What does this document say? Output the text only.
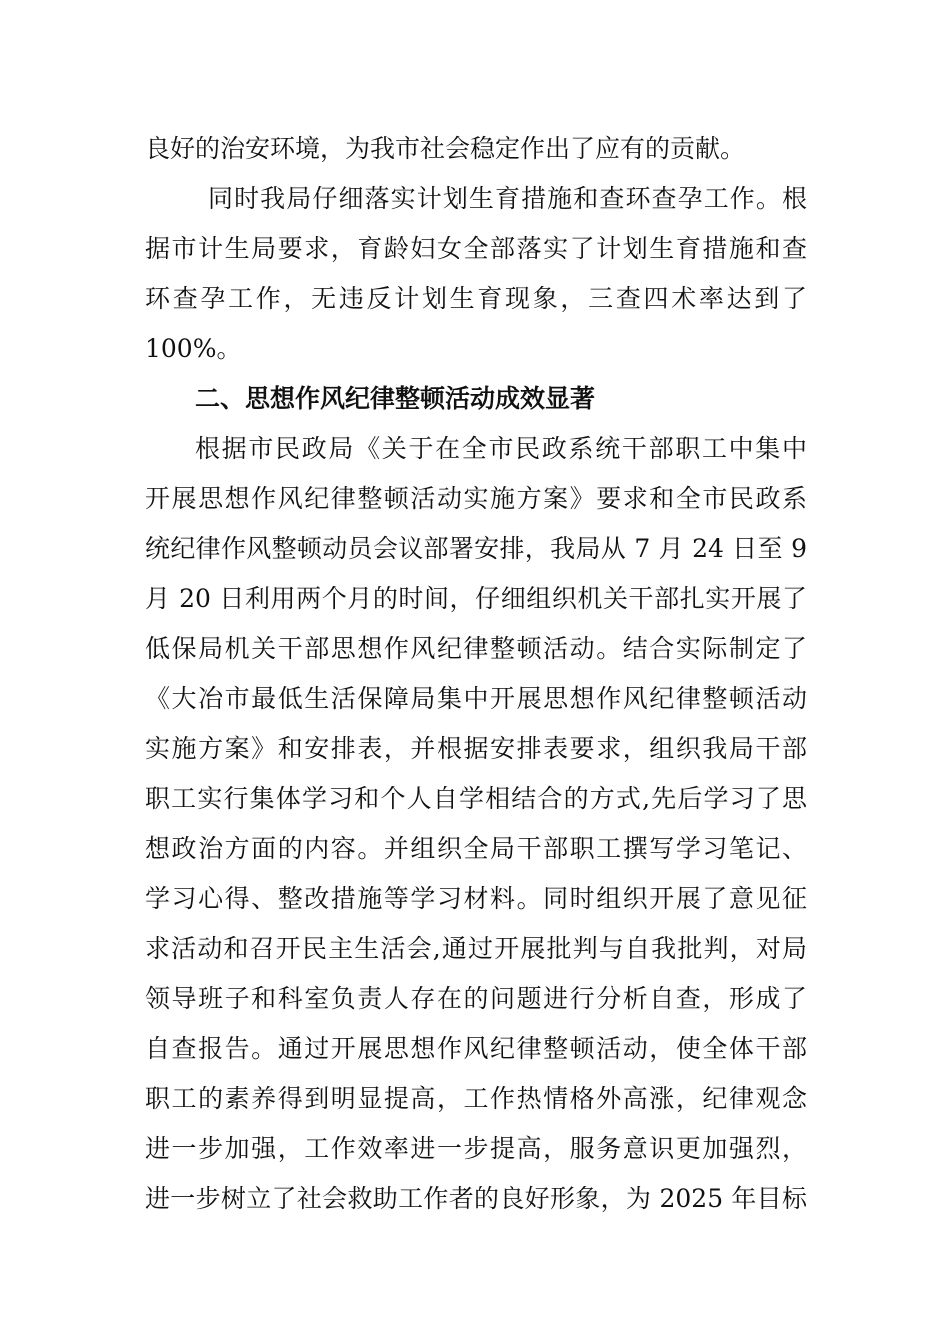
良好的治安环境，为我市社会稳定作出了应有的贡献。
同时我局仔细落实计划生育措施和查环查孕工作。根
据市计生局要求，育龄妇女全部落实了计划生育措施和查
环查孕工作，无违反计划生育现象，三查四术率达到了
100%。
二、思想作风纪律整顿活动成效显著
根据市民政局《关于在全市民政系统干部职工中集中
开展思想作风纪律整顿活动实施方案》要求和全市民政系
统纪律作风整顿动员会议部署安排，我局从 7 月 24 日至 9
月 20 日利用两个月的时间，仔细组织机关干部扎实开展了
低保局机关干部思想作风纪律整顿活动。结合实际制定了
《大冶市最低生活保障局集中开展思想作风纪律整顿活动
实施方案》和安排表，并根据安排表要求，组织我局干部
职工实行集体学习和个人自学相结合的方式,先后学习了思
想政治方面的内容。并组织全局干部职工撰写学习笔记、
学习心得、整改措施等学习材料。同时组织开展了意见征
求活动和召开民主生活会,通过开展批判与自我批判，对局
领导班子和科室负责人存在的问题进行分析自查，形成了
自查报告。通过开展思想作风纪律整顿活动，使全体干部
职工的素养得到明显提高，工作热情格外高涨，纪律观念
进一步加强，工作效率进一步提高，服务意识更加强烈，
进一步树立了社会救助工作者的良好形象，为 2025 年目标
